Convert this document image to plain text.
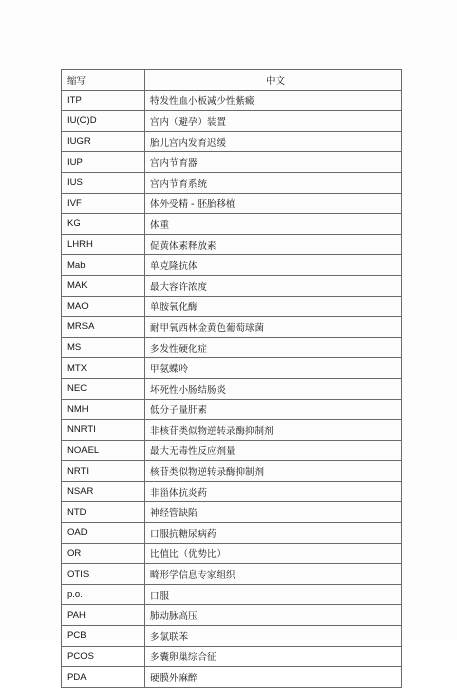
缩写	中文
ITP	特发性血小板减少性紫癜
IU(C)D	宫内（避孕）装置
IUGR	胎儿宫内发育迟缓
IUP	宫内节育器
IUS	宫内节育系统
IVF	体外受精 - 胚胎移植
KG	体重
LHRH	促黄体素释放素
Mab	单克隆抗体
MAK	最大容许浓度
MAO	单胺氧化酶
MRSA	耐甲氧西林金黄色葡萄球菌
MS	多发性硬化症
MTX	甲氨蝶呤
NEC	坏死性小肠结肠炎
NMH	低分子量肝素
NNRTI	非核苷类似物逆转录酶抑制剂
NOAEL	最大无毒性反应剂量
NRTI	核苷类似物逆转录酶抑制剂
NSAR	非甾体抗炎药
NTD	神经管缺陷
OAD	口服抗糖尿病药
OR	比值比（优势比）
OTIS	畸形学信息专家组织
p.o.	口服
PAH	肺动脉高压
PCB	多氯联苯
PCOS	多囊卵巢综合征
PDA	硬膜外麻醉
